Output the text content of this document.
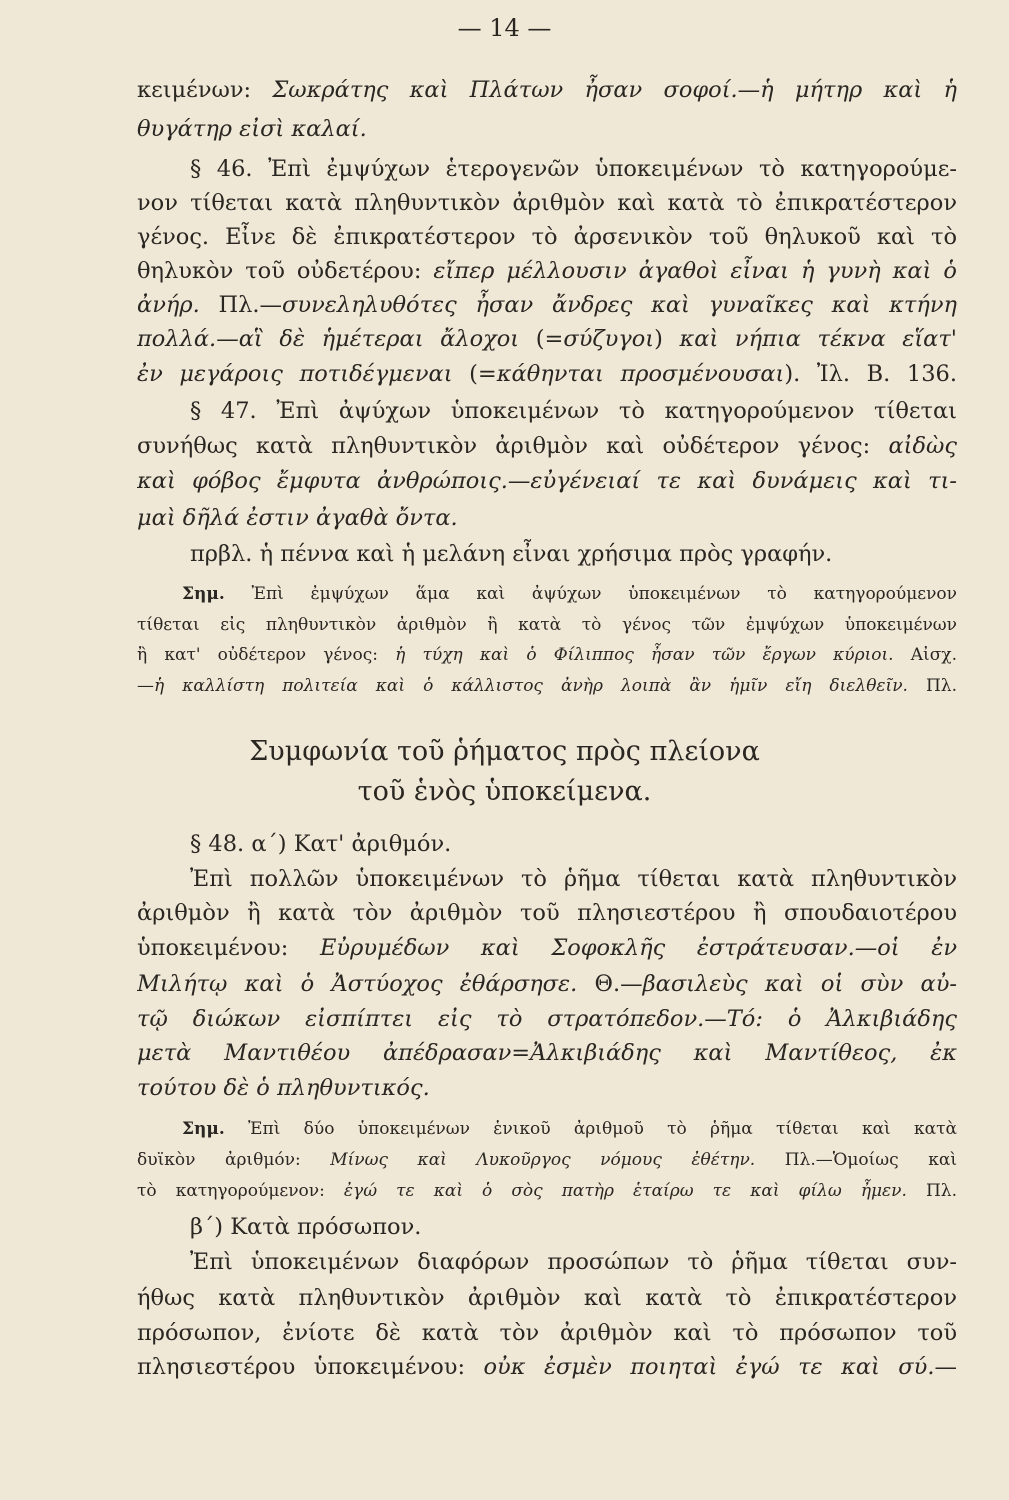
— 14 —
κειμένων: Σωκράτης καὶ Πλάτων ἦσαν σοφοί.—ἡ μήτηρ καὶ ἡ
θυγάτηρ εἰσὶ καλαί.
§ 46. Ἐπὶ ἐμψύχων ἑτερογενῶν ὑποκειμένων τὸ κατηγορούμε-
νον τίθεται κατὰ πληθυντικὸν ἀριθμὸν καὶ κατὰ τὸ ἐπικρατέστερον
γένος. Εἶνε δὲ ἐπικρατέστερον τὸ ἀρσενικὸν τοῦ θηλυκοῦ καὶ τὸ
θηλυκὸν τοῦ οὐδετέρου: εἴπερ μέλλουσιν ἀγαθοὶ εἶναι ἡ γυνὴ καὶ ὁ
ἀνήρ. Πλ.—συνεληλυθότες ἦσαν ἄνδρες καὶ γυναῖκες καὶ κτήνη
πολλά.—αἳ δὲ ἡμέτεραι ἄλοχοι (=σύζυγοι) καὶ νήπια τέκνα εἵατ'
ἐν μεγάροις ποτιδέγμεναι (=κάθηνται προσμένουσαι). Ἰλ. Β. 136.
§ 47. Ἐπὶ ἀψύχων ὑποκειμένων τὸ κατηγορούμενον τίθεται
συνήθως κατὰ πληθυντικὸν ἀριθμὸν καὶ οὐδέτερον γένος: αἰδὼς
καὶ φόβος ἔμφυτα ἀνθρώποις.—εὐγένειαί τε καὶ δυνάμεις καὶ τι-
μαὶ δῆλά ἐστιν ἀγαθὰ ὄντα.
πρβλ. ἡ πέννα καὶ ἡ μελάνη εἶναι χρήσιμα πρὸς γραφήν.
Σημ. Ἐπὶ ἐμψύχων ἅμα καὶ ἀψύχων ὑποκειμένων τὸ κατηγορούμενον
τίθεται εἰς πληθυντικὸν ἀριθμὸν ἢ κατὰ τὸ γένος τῶν ἐμψύχων ὑποκειμένων
ἢ κατ' οὐδέτερον γένος: ἡ τύχη καὶ ὁ Φίλιππος ἦσαν τῶν ἔργων κύριοι. Αἰσχ.
—ἡ καλλίστη πολιτεία καὶ ὁ κάλλιστος ἀνὴρ λοιπὰ ἂν ἡμῖν εἴη διελθεῖν. Πλ.
§ 48. α΄) Κατ' ἀριθμόν.
Ἐπὶ πολλῶν ὑποκειμένων τὸ ῥῆμα τίθεται κατὰ πληθυντικὸν
ἀριθμὸν ἢ κατὰ τὸν ἀριθμὸν τοῦ πλησιεστέρου ἢ σπουδαιοτέρου
ὑποκειμένου: Εὐρυμέδων καὶ Σοφοκλῆς ἐστράτευσαν.—οἱ ἐν
Μιλήτῳ καὶ ὁ Ἀστύοχος ἐθάρσησε. Θ.—βασιλεὺς καὶ οἱ σὺν αὐ-
τῷ διώκων εἰσπίπτει εἰς τὸ στρατόπεδον.—Τό: ὁ Ἀλκιβιάδης
μετὰ Μαντιθέου ἀπέδρασαν=Ἀλκιβιάδης καὶ Μαντίθεος, ἐκ
τούτου δὲ ὁ πληθυντικός.
Σημ. Ἐπὶ δύο ὑποκειμένων ἑνικοῦ ἀριθμοῦ τὸ ῥῆμα τίθεται καὶ κατὰ
δυϊκὸν ἀριθμόν: Μίνως καὶ Λυκοῦργος νόμους ἐθέτην. Πλ.—Ὁμοίως καὶ
τὸ κατηγορούμενον: ἐγώ τε καὶ ὁ σὸς πατὴρ ἑταίρω τε καὶ φίλω ἦμεν. Πλ.
β΄) Κατὰ πρόσωπον.
Ἐπὶ ὑποκειμένων διαφόρων προσώπων τὸ ῥῆμα τίθεται συν-
ήθως κατὰ πληθυντικὸν ἀριθμὸν καὶ κατὰ τὸ ἐπικρατέστερον
πρόσωπον, ἐνίοτε δὲ κατὰ τὸν ἀριθμὸν καὶ τὸ πρόσωπον τοῦ
πλησιεστέρου ὑποκειμένου: οὐκ ἐσμὲν ποιηταὶ ἐγώ τε καὶ σύ.—
Συμφωνία τοῦ ῥήματος πρὸς πλείονα
τοῦ ἑνὸς ὑποκείμενα.
